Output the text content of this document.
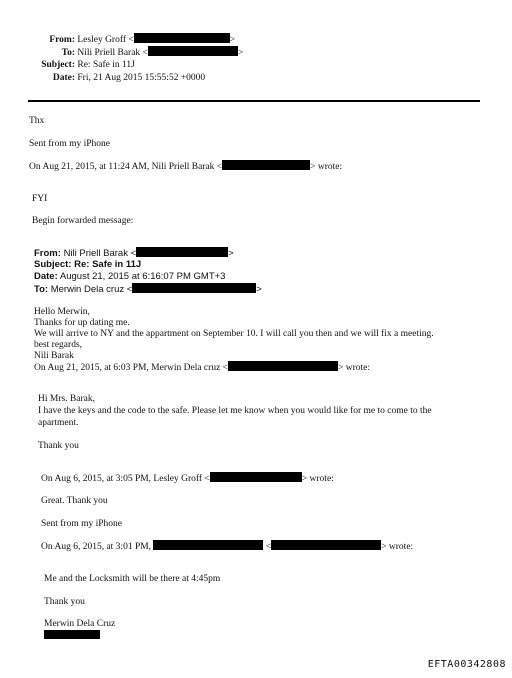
From: Lesley Groff <	>
To: Nili Priell Barak <	>
Subject: Re: Safe in 11J
Date: Fri, 21 Aug 2015 15:55:52 +0000
Thx
Sent from my iPhone
On Aug 21, 2015, at 11:24 AM, Nili Priell Barak <	> wrote:
FYI
Begin forwarded message:
From: Nili Priell Barak <	>
Subject: Re: Safe in 11J
Date: August 21, 2015 at 6:16:07 PM GMT+3
To: Merwin Dela cruz <	>
Hello Merwin,
Thanks for up dating me.
We will arrive to NY and the appartment on September 10. I will call you then and we will fix a meeting.
best regards,
Nili Barak
On Aug 21, 2015, at 6:03 PM, Merwin Dela cruz <	> wrote:
Hi Mrs. Barak,
I have the keys and the code to the safe. Please let me know when you would like for me to come to the
apartment.
Thank you
On Aug 6, 2015, at 3:05 PM, Lesley Groff <	> wrote:
Great. Thank you
Sent from my iPhone
On Aug 6, 2015, at 3:01 PM,	<	> wrote:
Me and the Locksmith will be there at 4:45pm
Thank you
Merwin Dela Cruz
EFTA00342808
